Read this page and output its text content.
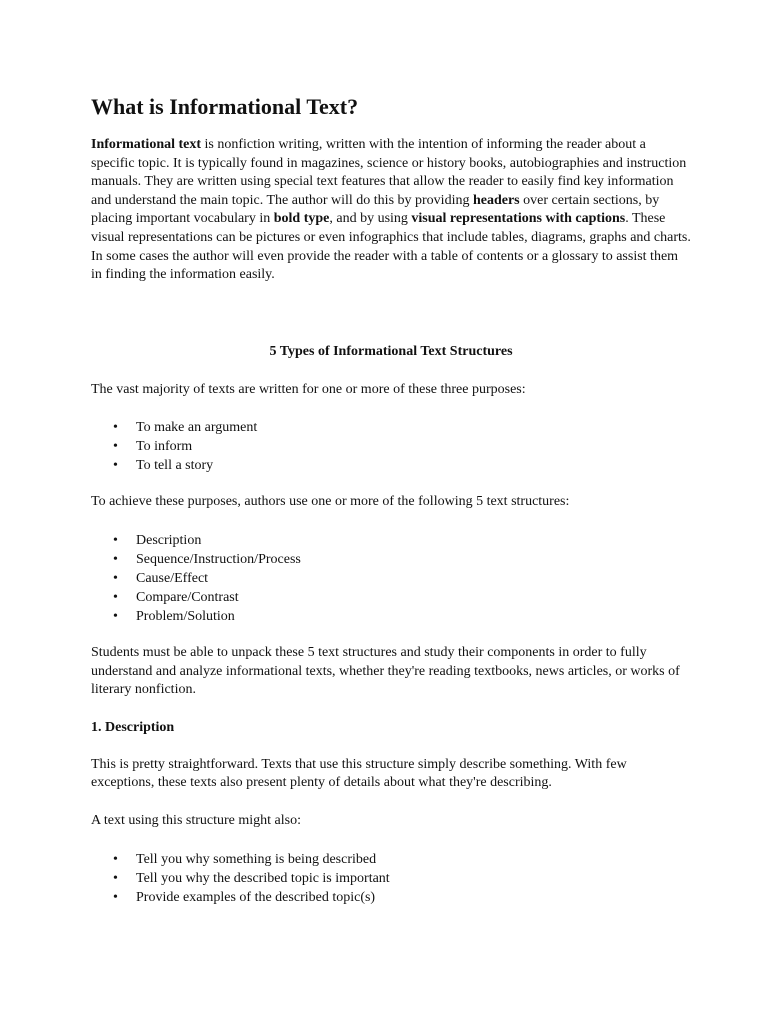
What is Informational Text?

Informational text is nonfiction writing, written with the intention of informing the reader about a specific topic. It is typically found in magazines, science or history books, autobiographies and instruction manuals. They are written using special text features that allow the reader to easily find key information and understand the main topic. The author will do this by providing headers over certain sections, by placing important vocabulary in bold type, and by using visual representations with captions. These visual representations can be pictures or even infographics that include tables, diagrams, graphs and charts. In some cases the author will even provide the reader with a table of contents or a glossary to assist them in finding the information easily.

5 Types of Informational Text Structures

The vast majority of texts are written for one or more of these three purposes:

• To make an argument
• To inform
• To tell a story

To achieve these purposes, authors use one or more of the following 5 text structures:

• Description
• Sequence/Instruction/Process
• Cause/Effect
• Compare/Contrast
• Problem/Solution

Students must be able to unpack these 5 text structures and study their components in order to fully understand and analyze informational texts, whether they're reading textbooks, news articles, or works of literary nonfiction.

1. Description

This is pretty straightforward. Texts that use this structure simply describe something. With few exceptions, these texts also present plenty of details about what they're describing.

A text using this structure might also:

• Tell you why something is being described
• Tell you why the described topic is important
• Provide examples of the described topic(s)
